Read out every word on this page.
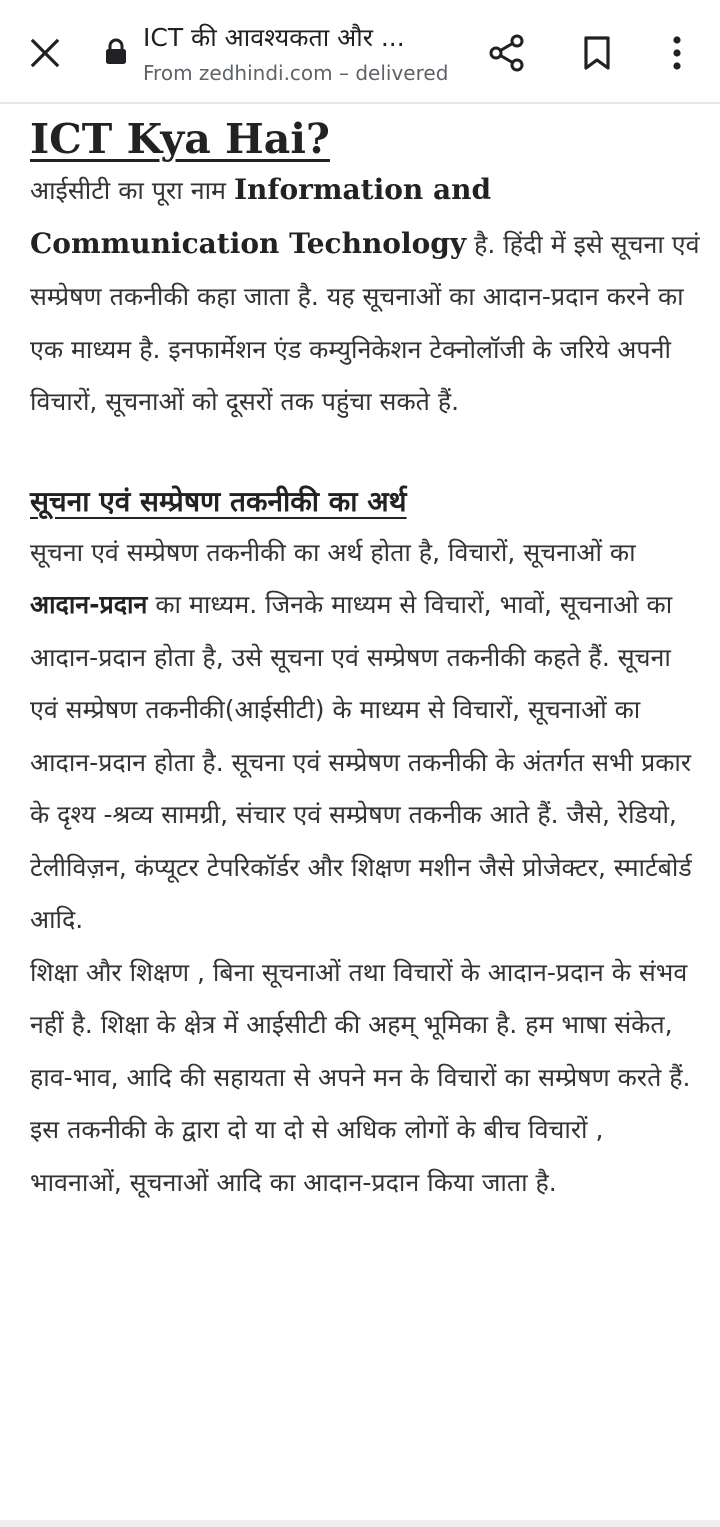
ICT की आवश्यकता और ...
From zedhindi.com – delivered
ICT Kya Hai?

आईसीटी का पूरा नाम Information and Communication Technology है. हिंदी में इसे सूचना एवं सम्प्रेषण तकनीकी कहा जाता है. यह सूचनाओं का आदान-प्रदान करने का एक माध्यम है. इनफार्मेशन एंड कम्युनिकेशन टेक्नोलॉजी के जरिये अपनी विचारों, सूचनाओं को दूसरों तक पहुंचा सकते हैं.

सूचना एवं सम्प्रेषण तकनीकी का अर्थ

सूचना एवं सम्प्रेषण तकनीकी का अर्थ होता है, विचारों, सूचनाओं का आदान-प्रदान का माध्यम. जिनके माध्यम से विचारों, भावों, सूचनाओ का आदान-प्रदान होता है, उसे सूचना एवं सम्प्रेषण तकनीकी कहते हैं. सूचना एवं सम्प्रेषण तकनीकी(आईसीटी) के माध्यम से विचारों, सूचनाओं का आदान-प्रदान होता है. सूचना एवं सम्प्रेषण तकनीकी के अंतर्गत सभी प्रकार के दृश्य -श्रव्य सामग्री, संचार एवं सम्प्रेषण तकनीक आते हैं. जैसे, रेडियो, टेलीविज़न, कंप्यूटर टेपरिकॉर्डर और शिक्षण मशीन जैसे प्रोजेक्टर, स्मार्टबोर्ड आदि.

शिक्षा और शिक्षण , बिना सूचनाओं तथा विचारों के आदान-प्रदान के संभव नहीं है. शिक्षा के क्षेत्र में आईसीटी की अहम् भूमिका है. हम भाषा संकेत, हाव-भाव, आदि की सहायता से अपने मन के विचारों का सम्प्रेषण करते हैं. इस तकनीकी के द्वारा दो या दो से अधिक लोगों के बीच विचारों , भावनाओं, सूचनाओं आदि का आदान-प्रदान किया जाता है.
